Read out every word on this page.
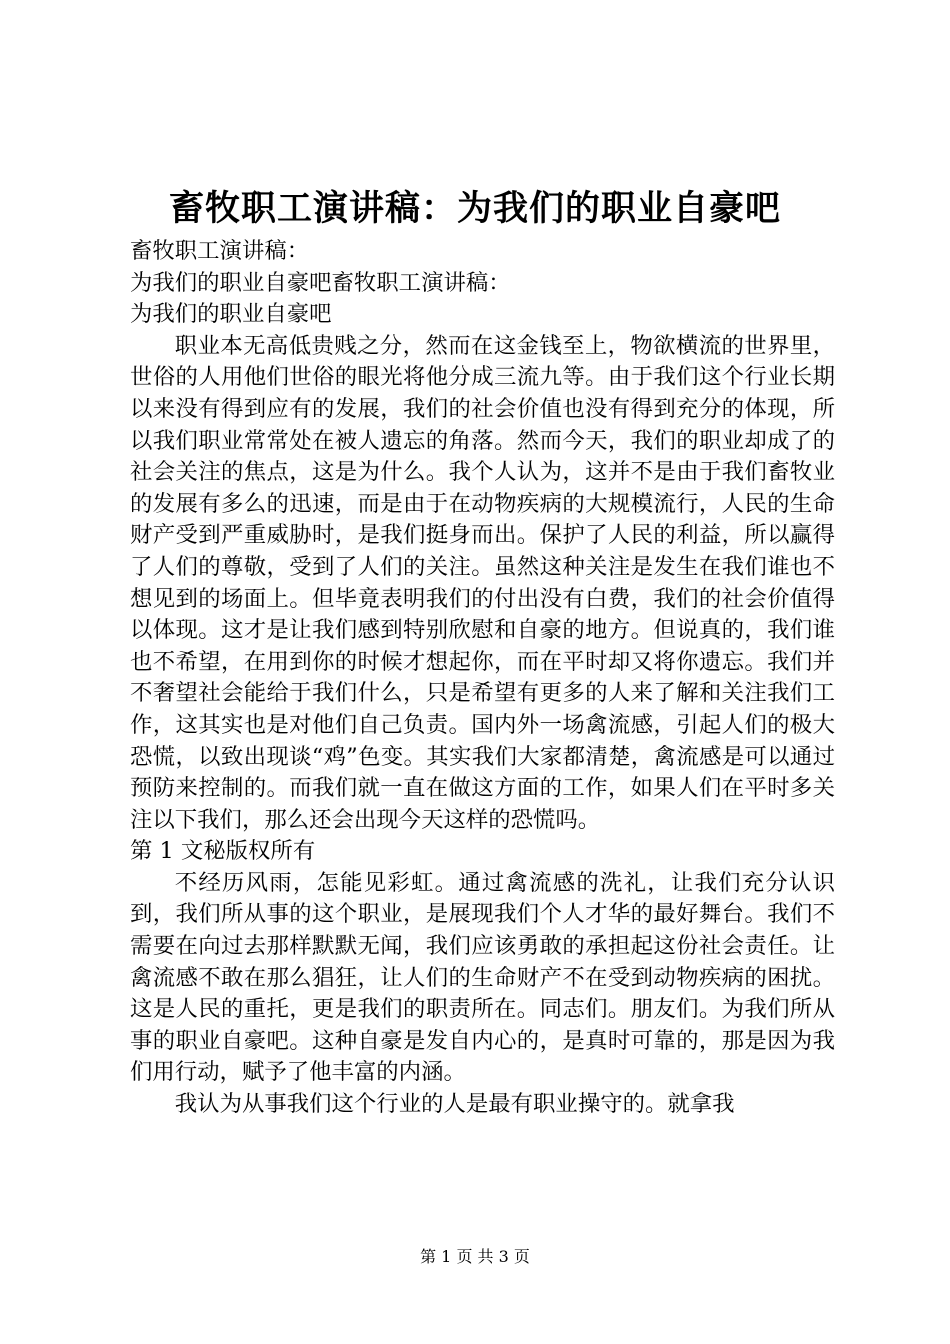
畜牧职工演讲稿：为我们的职业自豪吧

畜牧职工演讲稿：

为我们的职业自豪吧畜牧职工演讲稿：

为我们的职业自豪吧

职业本无高低贵贱之分，然而在这金钱至上，物欲横流的世界里，世俗的人用他们世俗的眼光将他分成三流九等。由于我们这个行业长期以来没有得到应有的发展，我们的社会价值也没有得到充分的体现，所以我们职业常常处在被人遗忘的角落。然而今天，我们的职业却成了的社会关注的焦点，这是为什么。我个人认为，这并不是由于我们畜牧业的发展有多么的迅速，而是由于在动物疾病的大规模流行，人民的生命财产受到严重威胁时，是我们挺身而出。保护了人民的利益，所以赢得了人们的尊敬，受到了人们的关注。虽然这种关注是发生在我们谁也不想见到的场面上。但毕竟表明我们的付出没有白费，我们的社会价值得以体现。这才是让我们感到特别欣慰和自豪的地方。但说真的，我们谁也不希望，在用到你的时候才想起你，而在平时却又将你遗忘。我们并不奢望社会能给于我们什么，只是希望有更多的人来了解和关注我们工作，这其实也是对他们自己负责。国内外一场禽流感，引起人们的极大恐慌，以致出现谈“鸡”色变。其实我们大家都清楚，禽流感是可以通过预防来控制的。而我们就一直在做这方面的工作，如果人们在平时多关注以下我们，那么还会出现今天这样的恐慌吗。

第 1 文秘版权所有

不经历风雨，怎能见彩虹。通过禽流感的洗礼，让我们充分认识到，我们所从事的这个职业，是展现我们个人才华的最好舞台。我们不需要在向过去那样默默无闻，我们应该勇敢的承担起这份社会责任。让禽流感不敢在那么猖狂，让人们的生命财产不在受到动物疾病的困扰。这是人民的重托，更是我们的职责所在。同志们。朋友们。为我们所从事的职业自豪吧。这种自豪是发自内心的，是真时可靠的，那是因为我们用行动，赋予了他丰富的内涵。

我认为从事我们这个行业的人是最有职业操守的。就拿我

第 1 页 共 3 页
